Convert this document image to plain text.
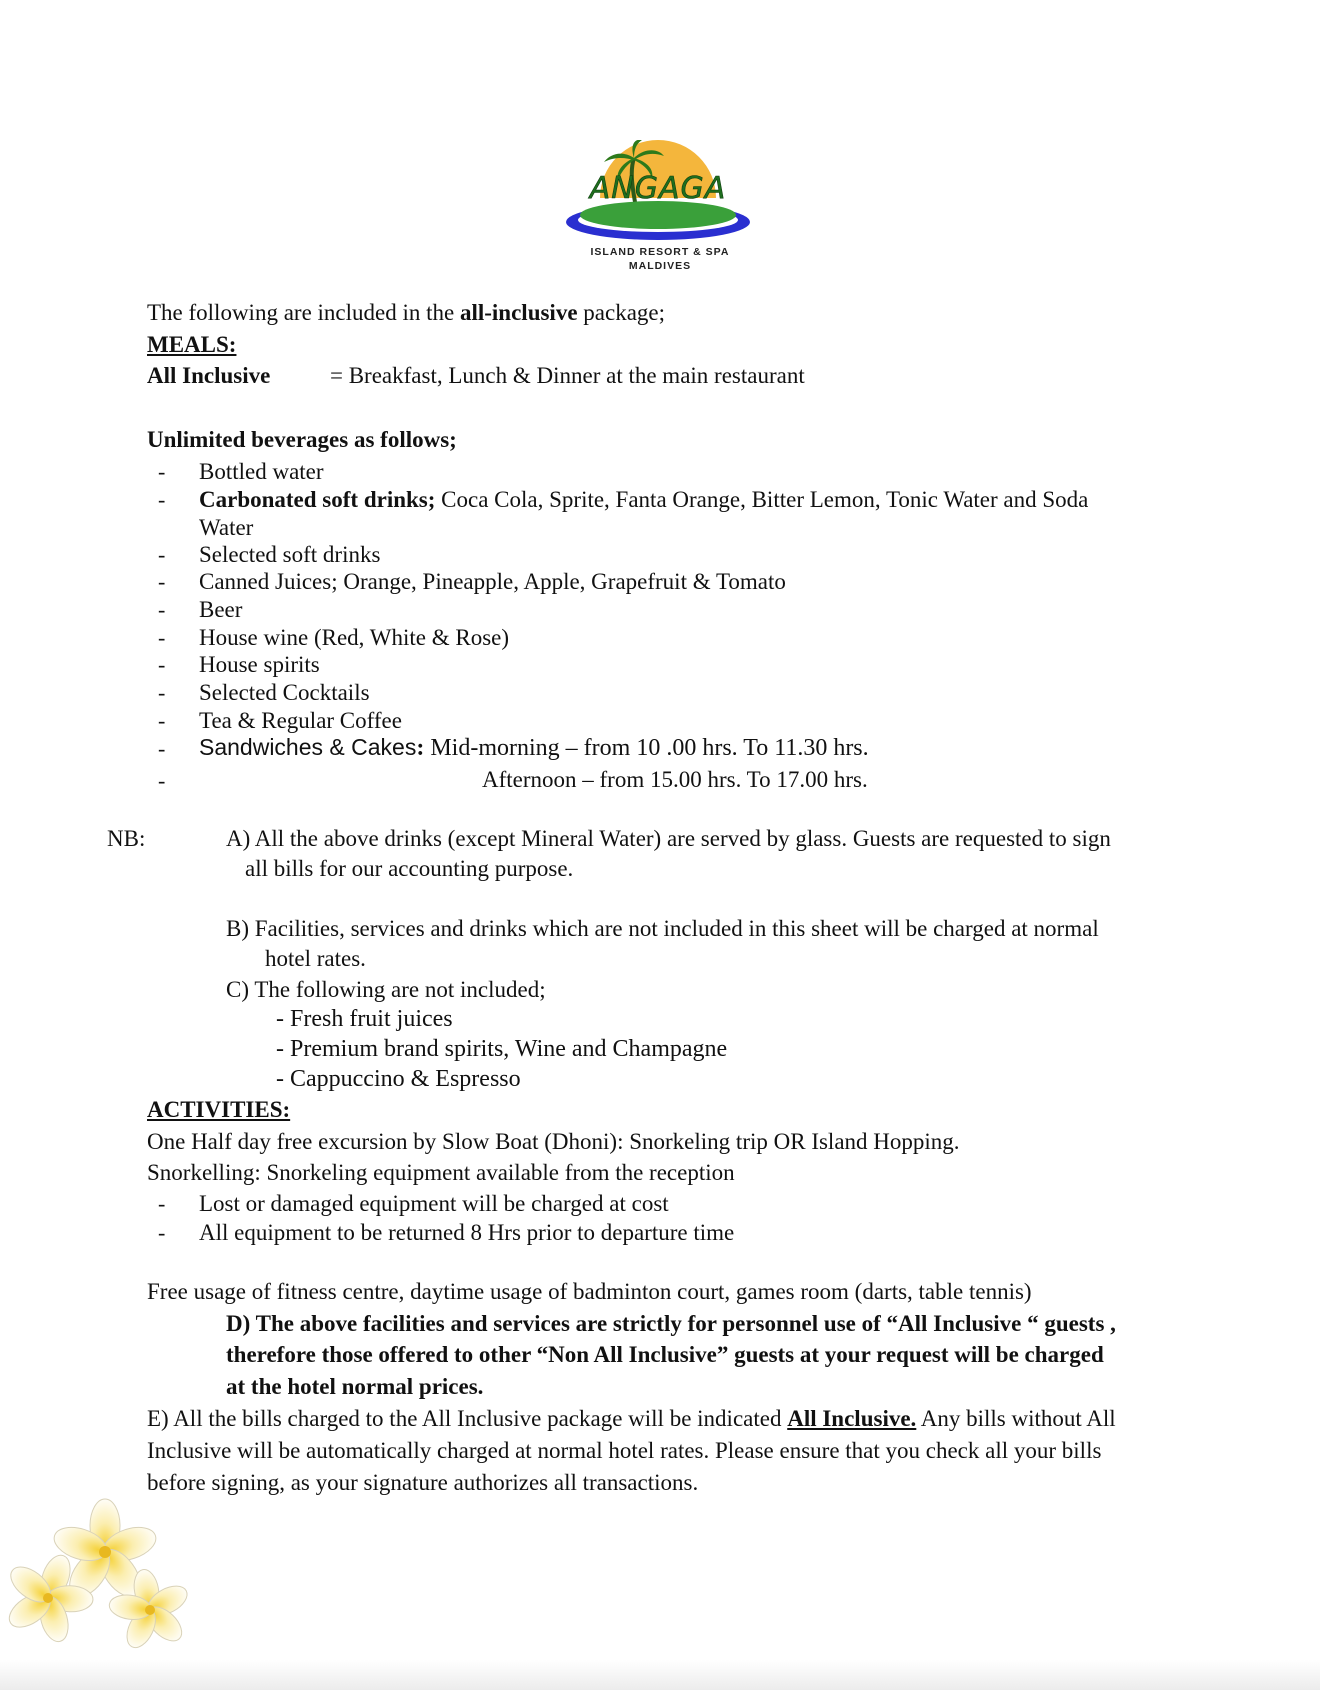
ANGAGA
ISLAND RESORT & SPA
MALDIVES
The following are included in the all-inclusive package;
MEALS:
All Inclusive	= Breakfast, Lunch & Dinner at the main restaurant
Unlimited beverages as follows;
- Bottled water
- Carbonated soft drinks; Coca Cola, Sprite, Fanta Orange, Bitter Lemon, Tonic Water and Soda
Water
- Selected soft drinks
- Canned Juices; Orange, Pineapple, Apple, Grapefruit & Tomato
- Beer
- House wine (Red, White & Rose)
- House spirits
- Selected Cocktails
- Tea & Regular Coffee
- Sandwiches & Cakes: Mid-morning – from 10 .00 hrs. To 11.30 hrs.
-	Afternoon – from 15.00 hrs. To 17.00 hrs.
NB:	A) All the above drinks (except Mineral Water) are served by glass. Guests are requested to sign
all bills for our accounting purpose.
B) Facilities, services and drinks which are not included in this sheet will be charged at normal
hotel rates.
C) The following are not included;
- Fresh fruit juices
- Premium brand spirits, Wine and Champagne
- Cappuccino & Espresso
ACTIVITIES:
One Half day free excursion by Slow Boat (Dhoni): Snorkeling trip OR Island Hopping.
Snorkelling: Snorkeling equipment available from the reception
- Lost or damaged equipment will be charged at cost
- All equipment to be returned 8 Hrs prior to departure time
Free usage of fitness centre, daytime usage of badminton court, games room (darts, table tennis)
D) The above facilities and services are strictly for personnel use of “All Inclusive “ guests ,
therefore those offered to other “Non All Inclusive” guests at your request will be charged
at the hotel normal prices.
E) All the bills charged to the All Inclusive package will be indicated All Inclusive. Any bills without All
Inclusive will be automatically charged at normal hotel rates. Please ensure that you check all your bills
before signing, as your signature authorizes all transactions.
